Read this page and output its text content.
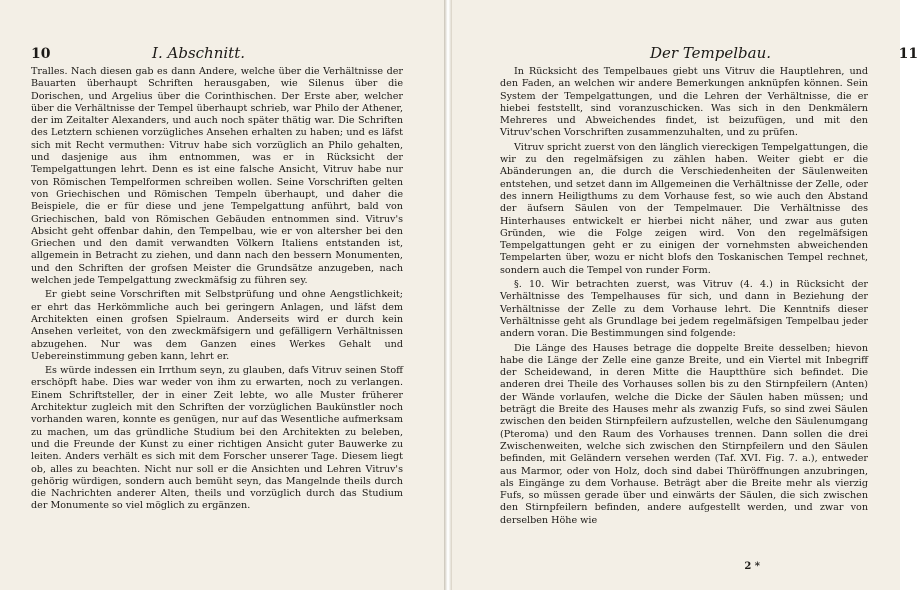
10	I. Abschnitt.

Tralles. Nach diesen gab es dann Andere, welche über die Verhältnisse der Bauarten überhaupt Schriften herausgaben, wie Silenus über die Dorischen, und Argelius über die Corinthischen. Der Erste aber, welcher über die Verhältnisse der Tempel überhaupt schrieb, war Philo der Athener, der im Zeitalter Alexanders, und auch noch später thätig war. Die Schriften des Letztern schienen vorzügliches Ansehen erhalten zu haben; und es läfst sich mit Recht vermuthen: Vitruv habe sich vorzüglich an Philo gehalten, und dasjenige aus ihm entnommen, was er in Rücksicht der Tempelgattungen lehrt. Denn es ist eine falsche Ansicht, Vitruv habe nur von Römischen Tempelformen schreiben wollen. Seine Vorschriften gelten von Griechischen und Römischen Tempeln überhaupt, und daher die Beispiele, die er für diese und jene Tempelgattung anführt, bald von Griechischen, bald von Römischen Gebäuden entnommen sind. Vitruv's Absicht geht offenbar dahin, den Tempelbau, wie er von altersher bei den Griechen und den damit verwandten Völkern Italiens entstanden ist, allgemein in Betracht zu ziehen, und dann nach den bessern Monumenten, und den Schriften der grofsen Meister die Grundsätze anzugeben, nach welchen jede Tempelgattung zweckmäfsig zu führen sey.

Er giebt seine Vorschriften mit Selbstprüfung und ohne Aengstlichkeit; er ehrt das Herkömmliche auch bei geringern Anlagen, und läfst dem Architekten einen grofsen Spielraum. Anderseits wird er durch kein Ansehen verleitet, von den zweckmäfsigern und gefälligern Verhältnissen abzugehen. Nur was dem Ganzen eines Werkes Gehalt und Uebereinstimmung geben kann, lehrt er.

Es würde indessen ein Irrthum seyn, zu glauben, dafs Vitruv seinen Stoff erschöpft habe. Dies war weder von ihm zu erwarten, noch zu verlangen. Einem Schriftsteller, der in einer Zeit lebte, wo alle Muster früherer Architektur zugleich mit den Schriften der vorzüglichen Baukünstler noch vorhanden waren, konnte es genügen, nur auf das Wesentliche aufmerksam zu machen, um das gründliche Studium bei den Architekten zu beleben, und die Freunde der Kunst zu einer richtigen Ansicht guter Bauwerke zu leiten. Anders verhält es sich mit dem Forscher unserer Tage. Diesem liegt ob, alles zu beachten. Nicht nur soll er die Ansichten und Lehren Vitruv's gehörig würdigen, sondern auch bemüht seyn, das Mangelnde theils durch die Nachrichten anderer Alten, theils und vorzüglich durch das Studium der Monumente so viel möglich zu ergänzen.

Der Tempelbau.	11

In Rücksicht des Tempelbaues giebt uns Vitruv die Hauptlehren, und den Faden, an welchen wir andere Bemerkungen anknüpfen können. Sein System der Tempelgattungen, und die Lehren der Verhältnisse, die er hiebei feststellt, sind voranzuschicken. Was sich in den Denkmälern Mehreres und Abweichendes findet, ist beizufügen, und mit den Vitruv'schen Vorschriften zusammenzuhalten, und zu prüfen.

Vitruv spricht zuerst von den länglich viereckigen Tempelgattungen, die wir zu den regelmäfsigen zu zählen haben. Weiter giebt er die Abänderungen an, die durch die Verschiedenheiten der Säulenweiten entstehen, und setzet dann im Allgemeinen die Verhältnisse der Zelle, oder des innern Heiligthums zu dem Vorhause fest, so wie auch den Abstand der äufsern Säulen von der Tempelmauer. Die Verhältnisse des Hinterhauses entwickelt er hierbei nicht näher, und zwar aus guten Gründen, wie die Folge zeigen wird. Von den regelmäfsigen Tempelgattungen geht er zu einigen der vornehmsten abweichenden Tempelarten über, wozu er nicht blofs den Toskanischen Tempel rechnet, sondern auch die Tempel von runder Form.

§. 10. Wir betrachten zuerst, was Vitruv (4. 4.) in Rücksicht der Verhältnisse des Tempelhauses für sich, und dann in Beziehung der Verhältnisse der Zelle zu dem Vorhause lehrt. Die Kenntnifs dieser Verhältnisse geht als Grundlage bei jedem regelmäfsigen Tempelbau jeder andern voran. Die Bestimmungen sind folgende:

Die Länge des Hauses betrage die doppelte Breite desselben; hievon habe die Länge der Zelle eine ganze Breite, und ein Viertel mit Inbegriff der Scheidewand, in deren Mitte die Hauptthüre sich befindet. Die anderen drei Theile des Vorhauses sollen bis zu den Stirnpfeilern (Anten) der Wände vorlaufen, welche die Dicke der Säulen haben müssen; und beträgt die Breite des Hauses mehr als zwanzig Fufs, so sind zwei Säulen zwischen den beiden Stirnpfeilern aufzustellen, welche den Säulenumgang (Pteroma) und den Raum des Vorhauses trennen. Dann sollen die drei Zwischenweiten, welche sich zwischen den Stirnpfeilern und den Säulen befinden, mit Geländern versehen werden (Taf. XVI. Fig. 7. a.), entweder aus Marmor, oder von Holz, doch sind dabei Thüröffnungen anzubringen, als Eingänge zu dem Vorhause. Beträgt aber die Breite mehr als vierzig Fufs, so müssen gerade über und einwärts der Säulen, die sich zwischen den Stirnpfeilern befinden, andere aufgestellt werden, und zwar von derselben Höhe wie

2 *
